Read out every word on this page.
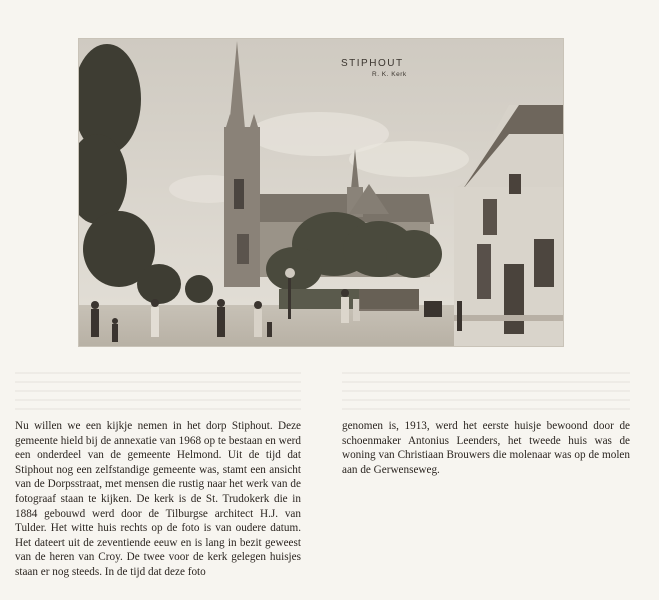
STIPHOUT
R. K. Kerk

Nu willen we een kijkje nemen in het dorp Stiphout. Deze gemeente hield bij de annexatie van 1968 op te bestaan en werd een onderdeel van de gemeente Helmond. Uit de tijd dat Stiphout nog een zelfstandige gemeente was, stamt een ansicht van de Dorpsstraat, met mensen die rustig naar het werk van de fotograaf staan te kijken. De kerk is de St. Trudokerk die in 1884 gebouwd werd door de Tilburgse architect H.J. van Tulder. Het witte huis rechts op de foto is van oudere datum. Het dateert uit de zeventiende eeuw en is lang in bezit geweest van de heren van Croy. De twee voor de kerk gelegen huisjes staan er nog steeds. In de tijd dat deze foto

genomen is, 1913, werd het eerste huisje bewoond door de schoenmaker Antonius Leenders, het tweede huis was de woning van Christiaan Brouwers die molenaar was op de molen aan de Gerwenseweg.
